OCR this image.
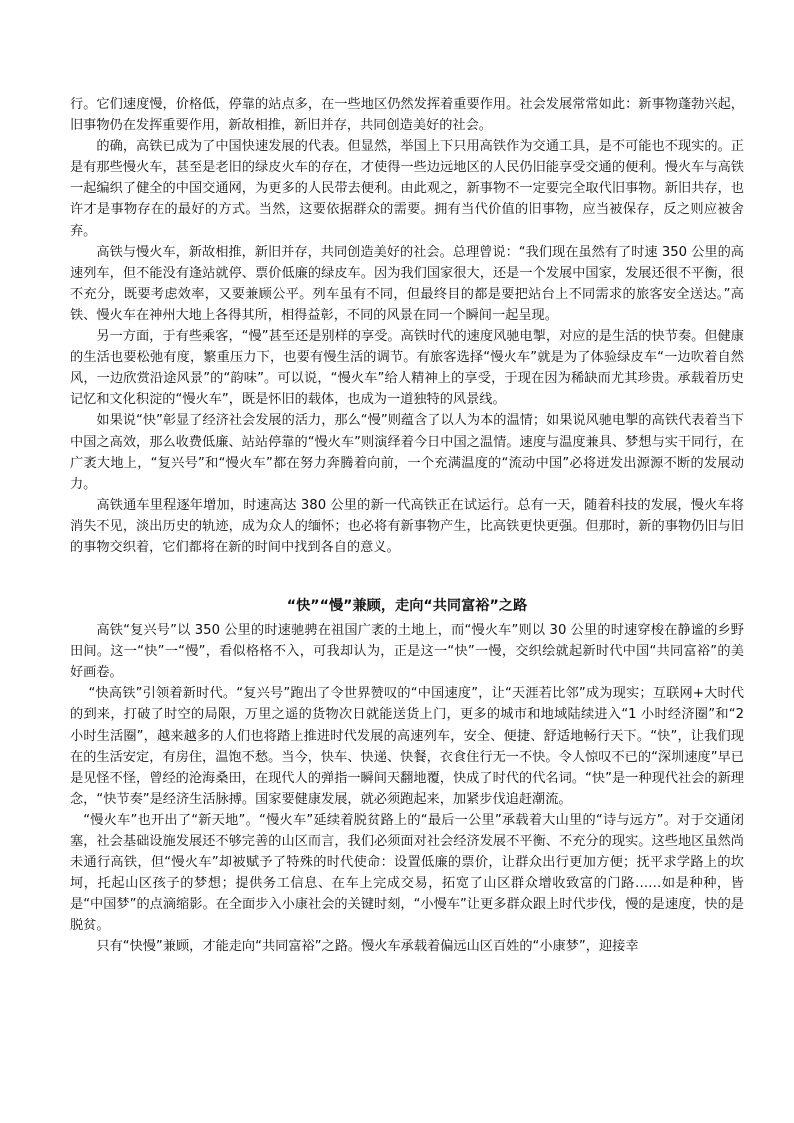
行。它们速度慢，价格低，停靠的站点多，在一些地区仍然发挥着重要作用。社会发展常常如此：新事物蓬勃兴起，旧事物仍在发挥重要作用，新故相推，新旧并存，共同创造美好的社会。

的确，高铁已成为了中国快速发展的代表。但显然，举国上下只用高铁作为交通工具，是不可能也不现实的。正是有那些慢火车，甚至是老旧的绿皮火车的存在，才使得一些边远地区的人民仍旧能享受交通的便利。慢火车与高铁一起编织了健全的中国交通网，为更多的人民带去便利。由此观之，新事物不一定要完全取代旧事物。新旧共存，也许才是事物存在的最好的方式。当然，这要依据群众的需要。拥有当代价值的旧事物，应当被保存，反之则应被舍弃。

高铁与慢火车，新故相推，新旧并存，共同创造美好的社会。总理曾说：“我们现在虽然有了时速 350 公里的高速列车，但不能没有逢站就停、票价低廉的绿皮车。因为我们国家很大，还是一个发展中国家，发展还很不平衡，很不充分，既要考虑效率，又要兼顾公平。列车虽有不同，但最终目的都是要把站台上不同需求的旅客安全送达。”高铁、慢火车在神州大地上各得其所，相得益彰，不同的风景在同一个瞬间一起呈现。

另一方面，于有些乘客，“慢”甚至还是别样的享受。高铁时代的速度风驰电掣，对应的是生活的快节奏。但健康的生活也要松弛有度，繁重压力下，也要有慢生活的调节。有旅客选择“慢火车”就是为了体验绿皮车“一边吹着自然风，一边欣赏沿途风景”的“韵味”。可以说，“慢火车”给人精神上的享受，于现在因为稀缺而尤其珍贵。承载着历史记忆和文化积淀的“慢火车”，既是怀旧的载体，也成为一道独特的风景线。

如果说“快”彰显了经济社会发展的活力，那么“慢”则蕴含了以人为本的温情；如果说风驰电掣的高铁代表着当下中国之高效，那么收费低廉、站站停靠的“慢火车”则演绎着今日中国之温情。速度与温度兼具、梦想与实干同行，在广袤大地上，“复兴号”和“慢火车”都在努力奔腾着向前，一个充满温度的“流动中国”必将迸发出源源不断的发展动力。

高铁通车里程逐年增加，时速高达 380 公里的新一代高铁正在试运行。总有一天，随着科技的发展，慢火车将消失不见，淡出历史的轨迹，成为众人的缅怀；也必将有新事物产生，比高铁更快更强。但那时，新的事物仍旧与旧的事物交织着，它们都将在新的时间中找到各自的意义。

“快”“慢”兼顾，走向“共同富裕”之路

高铁“复兴号”以 350 公里的时速驰骋在祖国广袤的土地上，而“慢火车”则以 30 公里的时速穿梭在静谧的乡野田间。这一“快”一“慢”，看似格格不入，可我却认为，正是这一“快”一慢，交织绘就起新时代中国“共同富裕”的美好画卷。

“快高铁”引领着新时代。“复兴号”跑出了令世界赞叹的“中国速度”，让“天涯若比邻”成为现实；互联网+大时代的到来，打破了时空的局限，万里之遥的货物次日就能送货上门，更多的城市和地域陆续进入“1 小时经济圈”和“2 小时生活圈”，越来越多的人们也将踏上推进时代发展的高速列车，安全、便捷、舒适地畅行天下。“快”，让我们现在的生活安定，有房住，温饱不愁。当今，快车、快递、快餐，衣食住行无一不快。令人惊叹不已的“深圳速度”早已是见怪不怪，曾经的沧海桑田，在现代人的弹指一瞬间天翻地覆，快成了时代的代名词。“快”是一种现代社会的新理念，“快节奏”是经济生活脉搏。国家要健康发展，就必须跑起来，加紧步伐追赶潮流。

“慢火车”也开出了“新天地”。“慢火车”延续着脱贫路上的“最后一公里”承载着大山里的“诗与远方”。对于交通闭塞，社会基础设施发展还不够完善的山区而言，我们必须面对社会经济发展不平衡、不充分的现实。这些地区虽然尚未通行高铁，但“慢火车”却被赋予了特殊的时代使命：设置低廉的票价，让群众出行更加方便；抚平求学路上的坎坷，托起山区孩子的梦想；提供务工信息、在车上完成交易，拓宽了山区群众增收致富的门路……如是种种，皆是“中国梦”的点滴缩影。在全面步入小康社会的关键时刻，“小慢车”让更多群众跟上时代步伐，慢的是速度，快的是脱贫。

只有“快慢”兼顾，才能走向“共同富裕”之路。慢火车承载着偏远山区百姓的“小康梦”，迎接幸
